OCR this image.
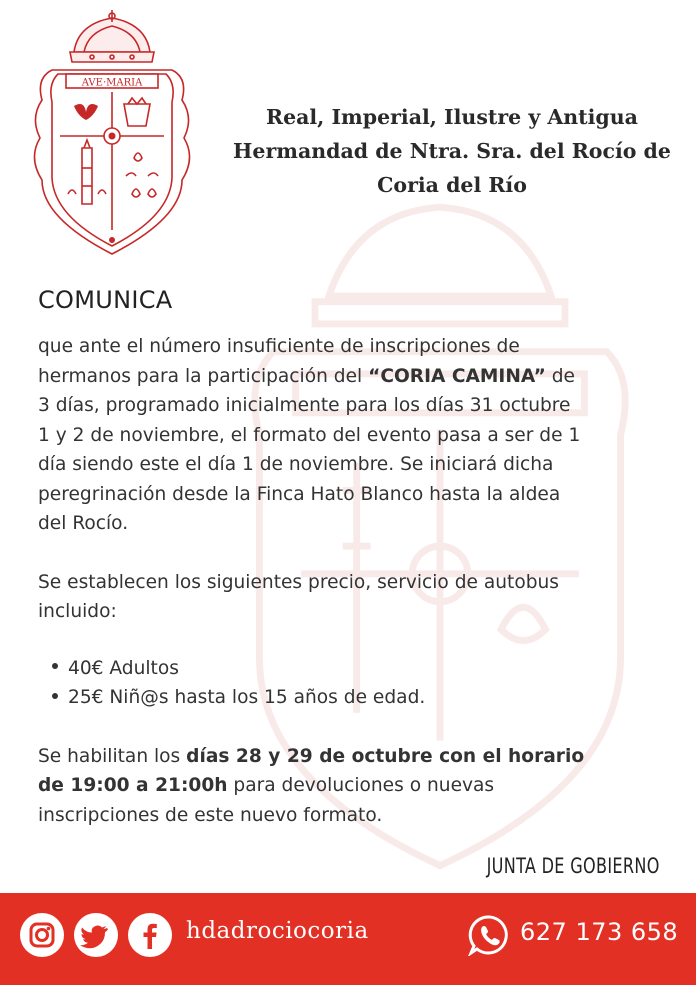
AVE·MARIA
Real, Imperial, Ilustre y Antigua
Hermandad de Ntra. Sra. del Rocío de
Coria del Río
COMUNICA

que ante el número insuficiente de inscripciones de
hermanos para la participación del “CORIA CAMINA” de
3 días, programado inicialmente para los días 31 octubre
1 y 2 de noviembre, el formato del evento pasa a ser de 1
día siendo este el día 1 de noviembre. Se iniciará dicha
peregrinación desde la Finca Hato Blanco hasta la aldea
del Rocío.

Se establecen los siguientes precio, servicio de autobus
incluido:

40€ Adultos
25€ Niñ@s hasta los 15 años de edad.

Se habilitan los días 28 y 29 de octubre con el horario
de 19:00 a 21:00h para devoluciones o nuevas
inscripciones de este nuevo formato.

JUNTA DE GOBIERNO
hdadrociocoria	627 173 658
